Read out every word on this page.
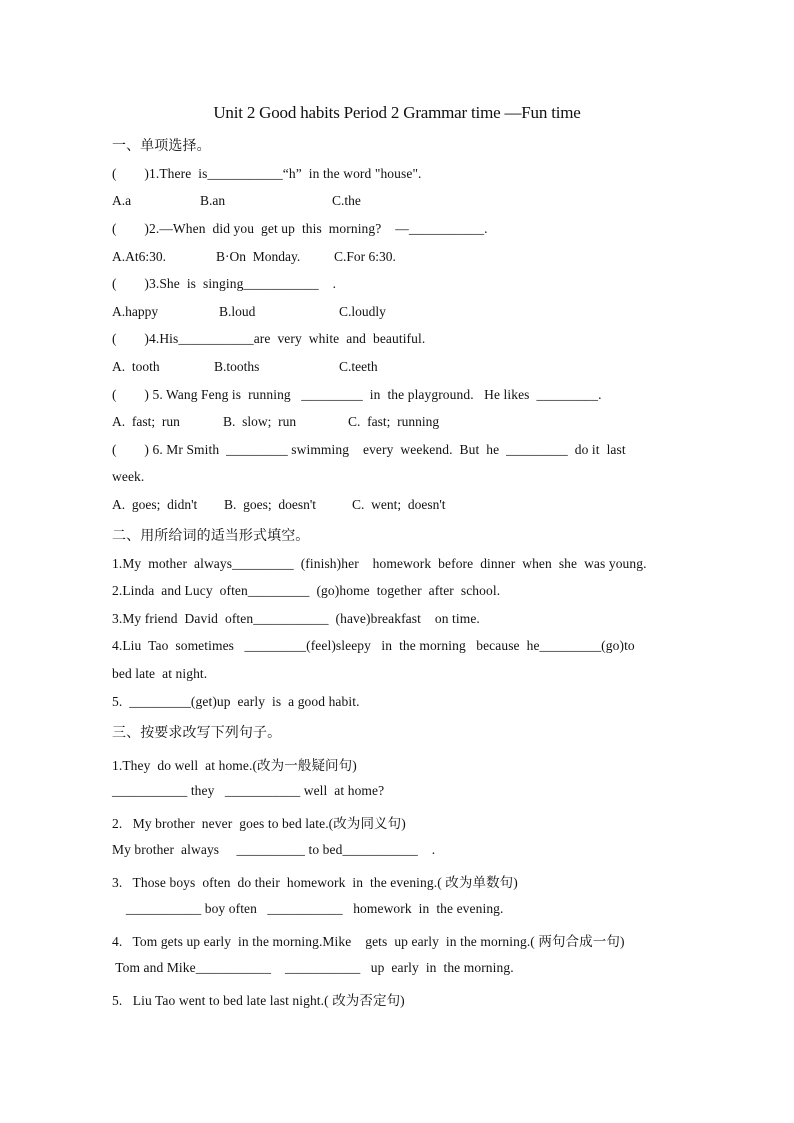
Unit 2 Good habits Period 2 Grammar time —Fun time
一、单项选择。
(        )1.There  is___________“h”  in the word "house".
A.a	B.an	C.the
(        )2.—When  did you  get up  this  morning?    —___________.
A.At6:30.	B·On  Monday.	C.For 6:30.
(        )3.She  is  singing___________    .
A.happy	B.loud	C.loudly
(        )4.His___________are  very  white  and  beautiful.
A.  tooth	B.tooths	C.teeth
(        ) 5. Wang Feng is  running   _________  in  the playground.   He likes  _________.
A.  fast;  run	B.  slow;  run	C.  fast;  running
(        ) 6. Mr Smith  _________ swimming    every  weekend.  But  he  _________  do it  last
week.
A.  goes;  didn't B.  goes;  doesn't	C.  went;  doesn't
二、用所给词的适当形式填空。
1.My  mother  always_________  (finish)her    homework  before  dinner  when  she  was young.
2.Linda  and Lucy  often_________  (go)home  together  after  school.
3.My friend  David  often___________  (have)breakfast    on time.
4.Liu  Tao  sometimes   _________(feel)sleepy   in  the morning   because  he_________(go)to
bed late  at night.
5.  _________(get)up  early  is  a good habit.
三、按要求改写下列句子。
1.They  do well  at home.(改为一般疑问句)
___________ they   ___________ well  at home?
2.   My brother  never  goes to bed late.(改为同义句)
My brother  always     __________ to bed___________    .
3.   Those boys  often  do their  homework  in  the evening.( 改为单数句)
___________ boy often   ___________   homework  in  the evening.
4.   Tom gets up early  in the morning.Mike    gets  up early  in the morning.( 两句合成一句)
Tom and Mike___________    ___________   up  early  in  the morning.
5.   Liu Tao went to bed late last night.( 改为否定句)
